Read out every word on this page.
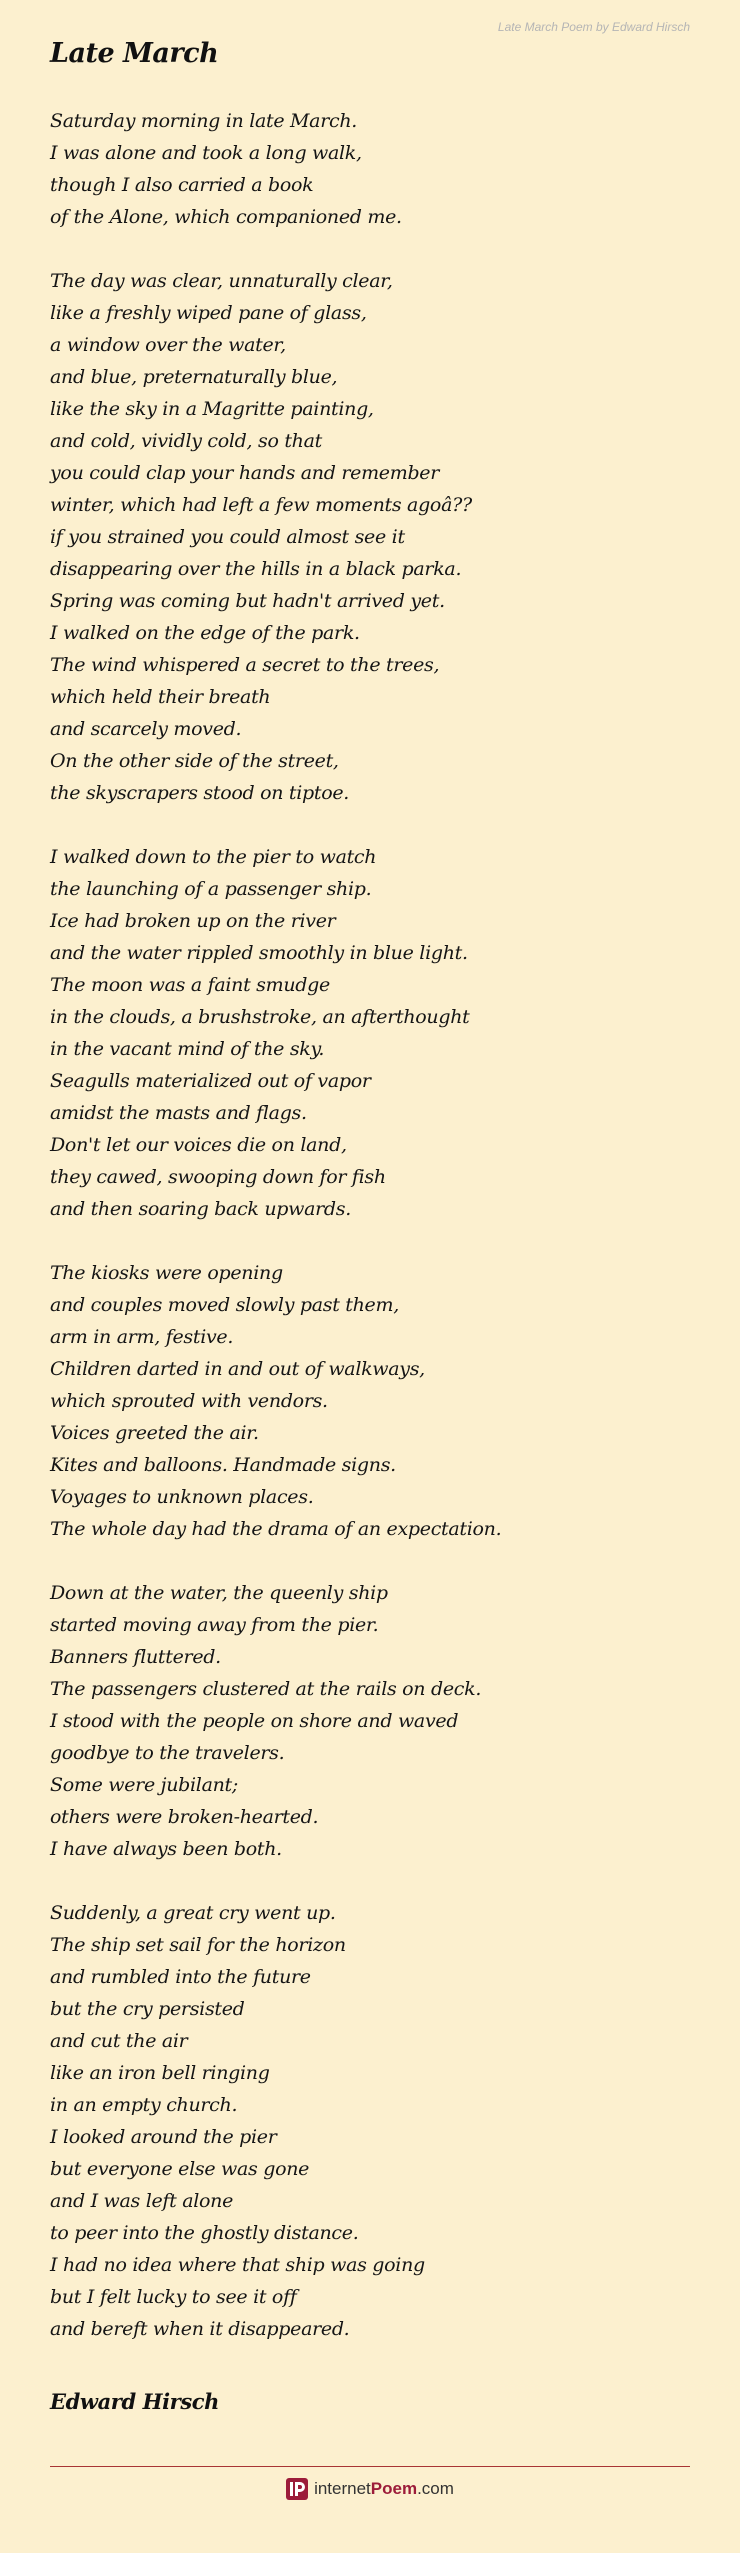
Late March Poem by Edward Hirsch
Late March
Saturday morning in late March.
I was alone and took a long walk,
though I also carried a book
of the Alone, which companioned me.
The day was clear, unnaturally clear,
like a freshly wiped pane of glass,
a window over the water,
and blue, preternaturally blue,
like the sky in a Magritte painting,
and cold, vividly cold, so that
you could clap your hands and remember
winter, which had left a few moments agoâ??
if you strained you could almost see it
disappearing over the hills in a black parka.
Spring was coming but hadn't arrived yet.
I walked on the edge of the park.
The wind whispered a secret to the trees,
which held their breath
and scarcely moved.
On the other side of the street,
the skyscrapers stood on tiptoe.
I walked down to the pier to watch
the launching of a passenger ship.
Ice had broken up on the river
and the water rippled smoothly in blue light.
The moon was a faint smudge
in the clouds, a brushstroke, an afterthought
in the vacant mind of the sky.
Seagulls materialized out of vapor
amidst the masts and flags.
Don't let our voices die on land,
they cawed, swooping down for fish
and then soaring back upwards.
The kiosks were opening
and couples moved slowly past them,
arm in arm, festive.
Children darted in and out of walkways,
which sprouted with vendors.
Voices greeted the air.
Kites and balloons. Handmade signs.
Voyages to unknown places.
The whole day had the drama of an expectation.
Down at the water, the queenly ship
started moving away from the pier.
Banners fluttered.
The passengers clustered at the rails on deck.
I stood with the people on shore and waved
goodbye to the travelers.
Some were jubilant;
others were broken-hearted.
I have always been both.
Suddenly, a great cry went up.
The ship set sail for the horizon
and rumbled into the future
but the cry persisted
and cut the air
like an iron bell ringing
in an empty church.
I looked around the pier
but everyone else was gone
and I was left alone
to peer into the ghostly distance.
I had no idea where that ship was going
but I felt lucky to see it off
and bereft when it disappeared.
Edward Hirsch
internetPoem.com
